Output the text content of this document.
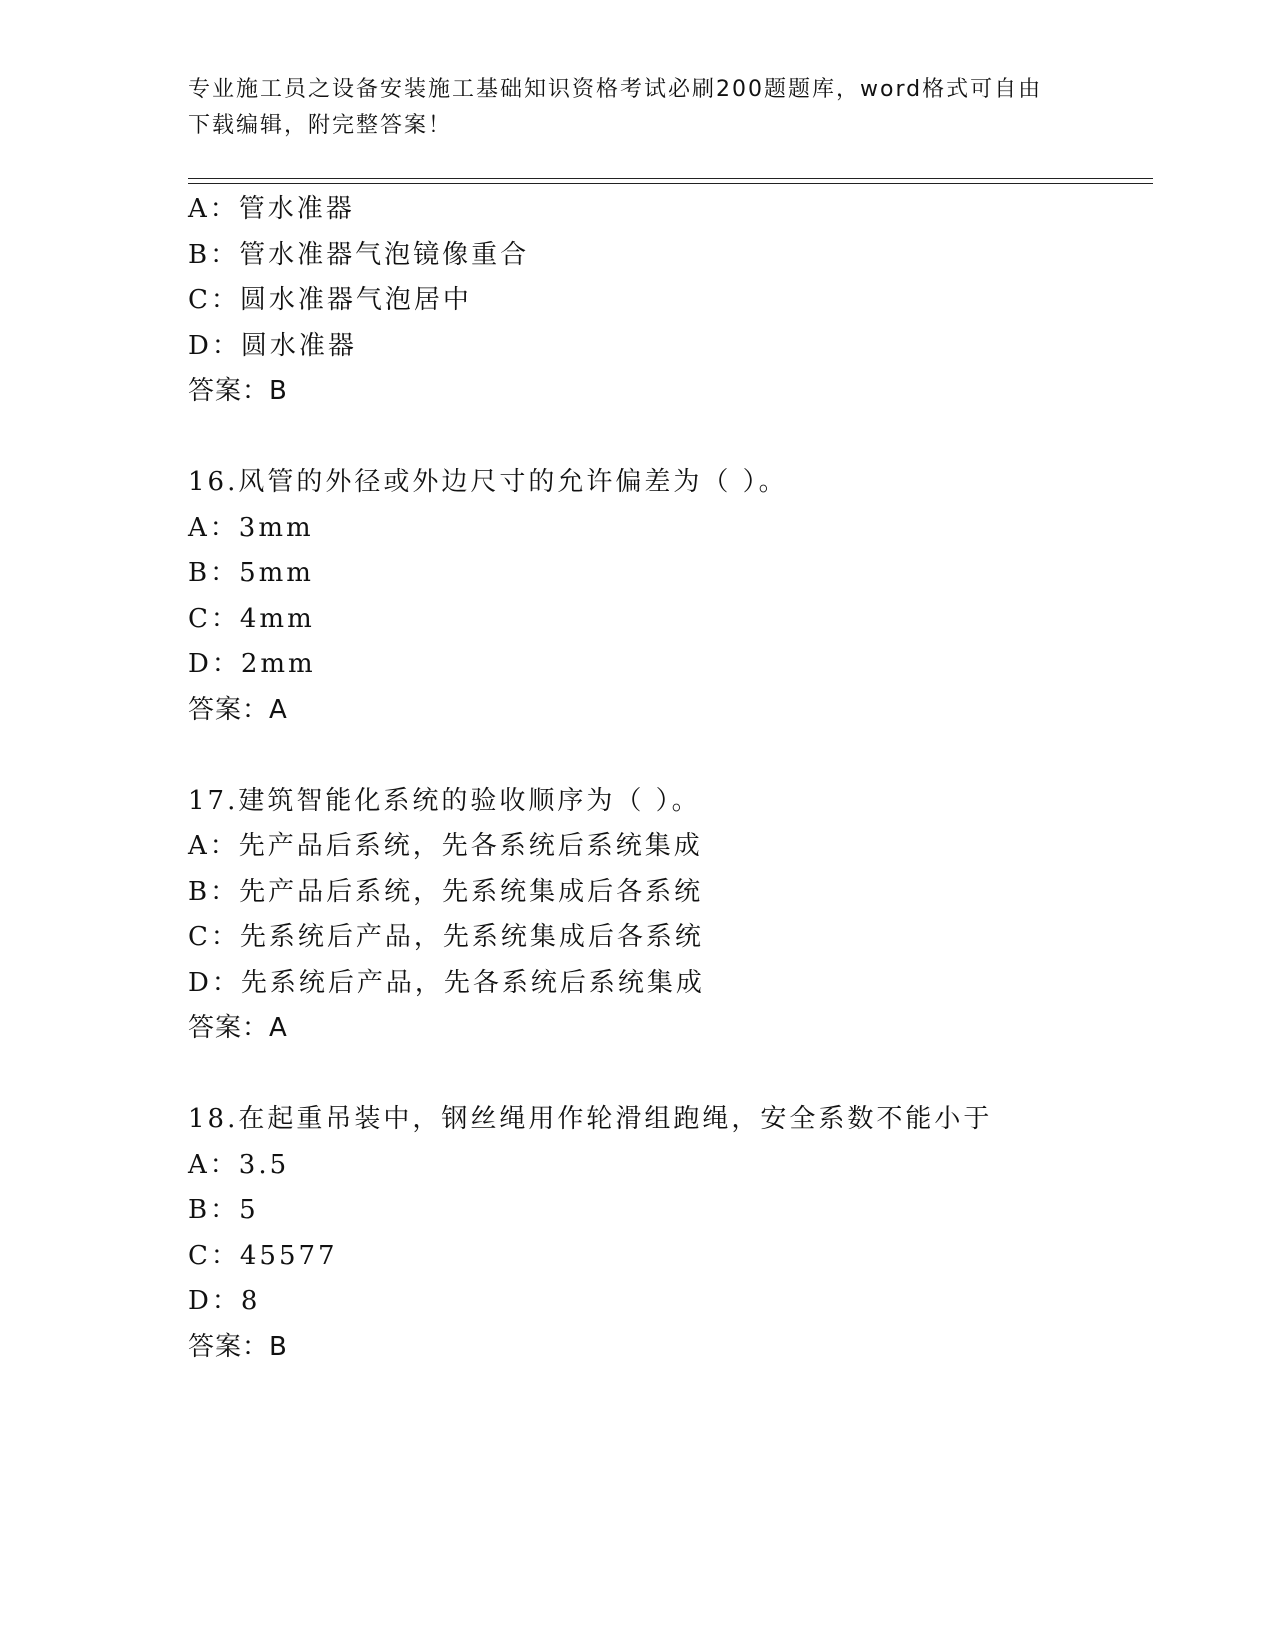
专业施工员之设备安装施工基础知识资格考试必刷200题题库，word格式可自由
下载编辑，附完整答案！
A：管水准器
B：管水准器气泡镜像重合
C：圆水准器气泡居中
D：圆水准器
答案：B
16.风管的外径或外边尺寸的允许偏差为（ ）。
A：3mm
B：5mm
C：4mm
D：2mm
答案：A
17.建筑智能化系统的验收顺序为（ ）。
A：先产品后系统，先各系统后系统集成
B：先产品后系统，先系统集成后各系统
C：先系统后产品，先系统集成后各系统
D：先系统后产品，先各系统后系统集成
答案：A
18.在起重吊装中，钢丝绳用作轮滑组跑绳，安全系数不能小于
A：3.5
B：5
C：45577
D：8
答案：B
